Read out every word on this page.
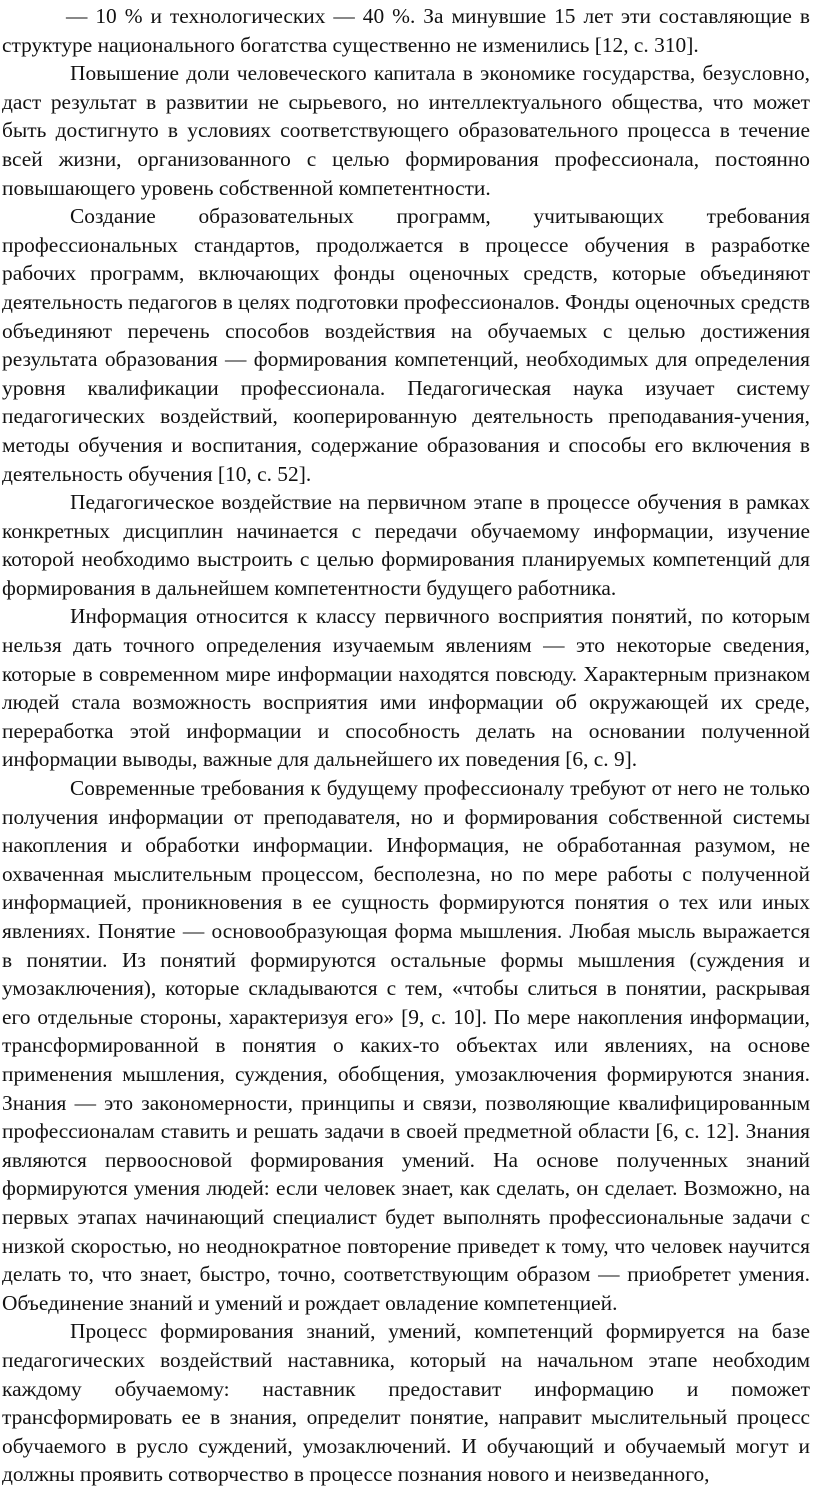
— 10 % и технологических — 40 %. За минувшие 15 лет эти составляющие в структуре национального богатства существенно не изменились [12, с. 310].

Повышение доли человеческого капитала в экономике государства, безусловно, даст результат в развитии не сырьевого, но интеллектуального общества, что может быть достигнуто в условиях соответствующего образовательного процесса в течение всей жизни, организованного с целью формирования профессионала, постоянно повышающего уровень собственной компетентности.

Создание образовательных программ, учитывающих требования профессиональных стандартов, продолжается в процессе обучения в разработке рабочих программ, включающих фонды оценочных средств, которые объединяют деятельность педагогов в целях подготовки профессионалов. Фонды оценочных средств объединяют перечень способов воздействия на обучаемых с целью достижения результата образования — формирования компетенций, необходимых для определения уровня квалификации профессионала. Педагогическая наука изучает систему педагогических воздействий, кооперированную деятельность преподавания-учения, методы обучения и воспитания, содержание образования и способы его включения в деятельность обучения [10, с. 52].

Педагогическое воздействие на первичном этапе в процессе обучения в рамках конкретных дисциплин начинается с передачи обучаемому информации, изучение которой необходимо выстроить с целью формирования планируемых компетенций для формирования в дальнейшем компетентности будущего работника.

Информация относится к классу первичного восприятия понятий, по которым нельзя дать точного определения изучаемым явлениям — это некоторые сведения, которые в современном мире информации находятся повсюду. Характерным признаком людей стала возможность восприятия ими информации об окружающей их среде, переработка этой информации и способность делать на основании полученной информации выводы, важные для дальнейшего их поведения [6, с. 9].

Современные требования к будущему профессионалу требуют от него не только получения информации от преподавателя, но и формирования собственной системы накопления и обработки информации. Информация, не обработанная разумом, не охваченная мыслительным процессом, бесполезна, но по мере работы с полученной информацией, проникновения в ее сущность формируются понятия о тех или иных явлениях. Понятие — основообразующая форма мышления. Любая мысль выражается в понятии. Из понятий формируются остальные формы мышления (суждения и умозаключения), которые складываются с тем, «чтобы слиться в понятии, раскрывая его отдельные стороны, характеризуя его» [9, с. 10]. По мере накопления информации, трансформированной в понятия о каких-то объектах или явлениях, на основе применения мышления, суждения, обобщения, умозаключения формируются знания. Знания — это закономерности, принципы и связи, позволяющие квалифицированным профессионалам ставить и решать задачи в своей предметной области [6, с. 12]. Знания являются первоосновой формирования умений. На основе полученных знаний формируются умения людей: если человек знает, как сделать, он сделает. Возможно, на первых этапах начинающий специалист будет выполнять профессиональные задачи с низкой скоростью, но неоднократное повторение приведет к тому, что человек научится делать то, что знает, быстро, точно, соответствующим образом — приобретет умения. Объединение знаний и умений и рождает овладение компетенцией.

Процесс формирования знаний, умений, компетенций формируется на базе педагогических воздействий наставника, который на начальном этапе необходим каждому обучаемому: наставник предоставит информацию и поможет трансформировать ее в знания, определит понятие, направит мыслительный процесс обучаемого в русло суждений, умозаключений. И обучающий и обучаемый могут и должны проявить сотворчество в процессе познания нового и неизведанного,
